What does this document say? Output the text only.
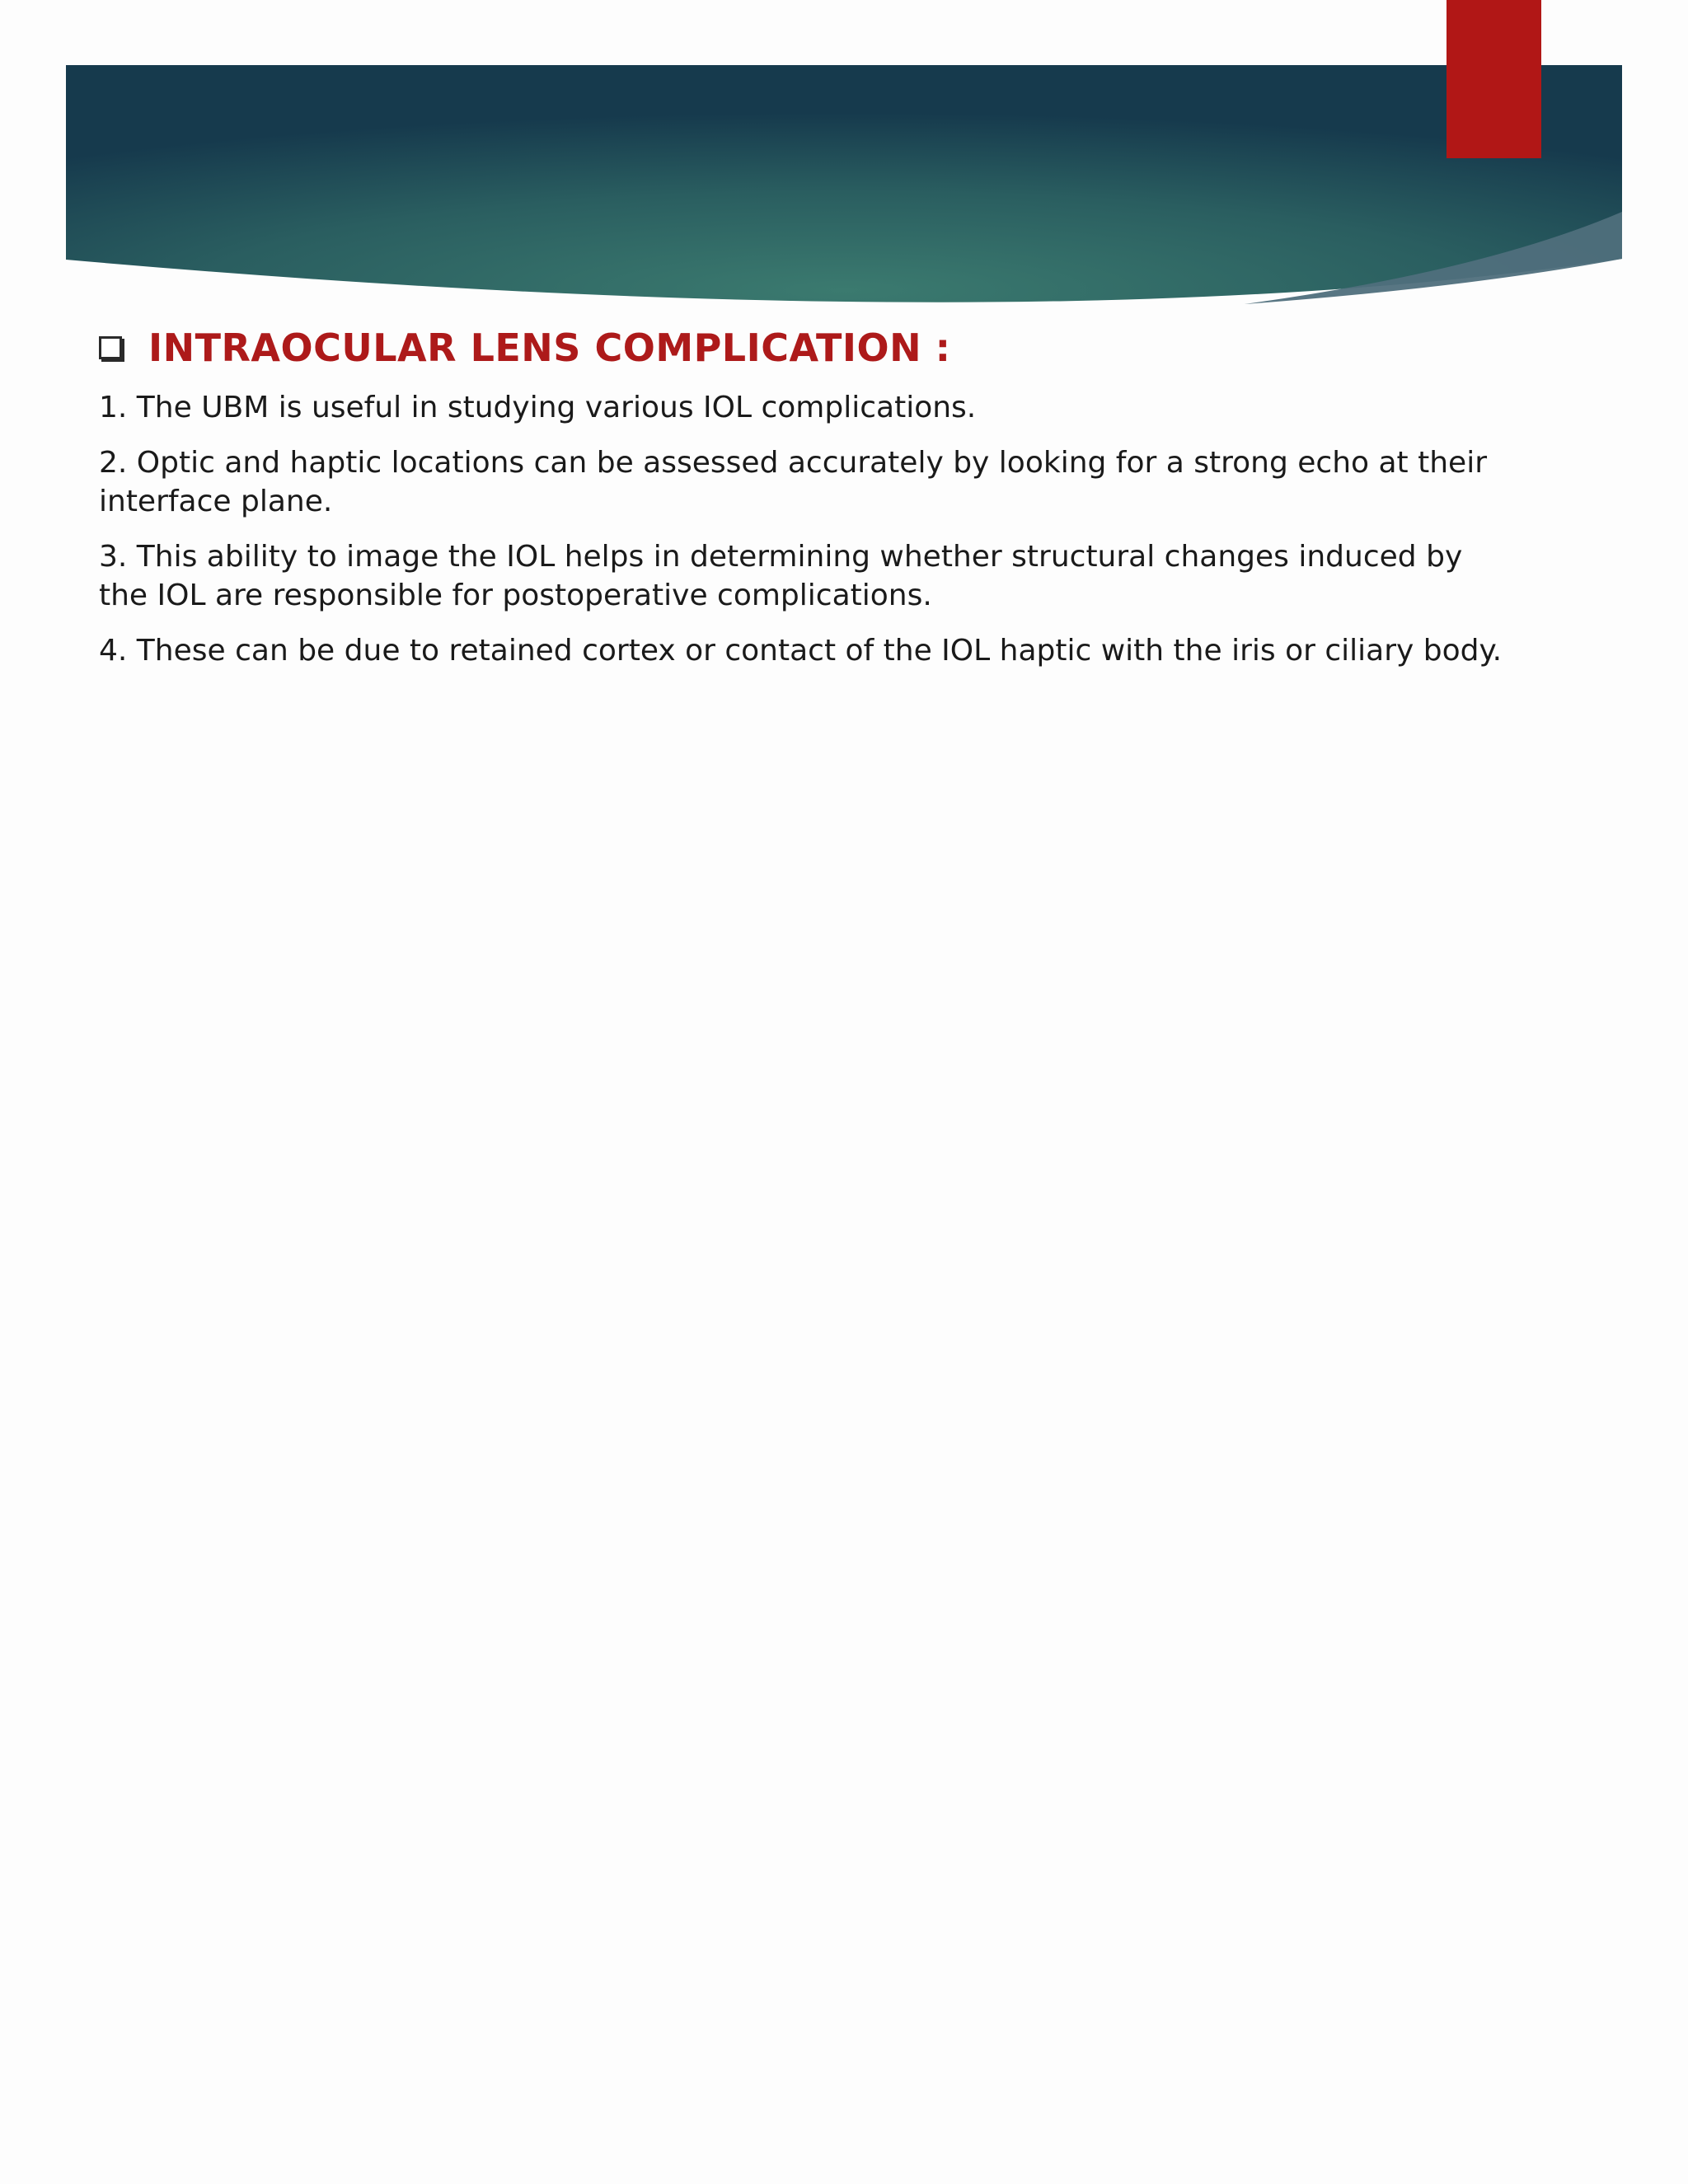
INTRAOCULAR LENS COMPLICATION :

1. The UBM is useful in studying various IOL complications.

2. Optic and haptic locations can be assessed accurately by looking for a strong echo at their interface plane.

3. This ability to image the IOL helps in determining whether structural changes induced by the IOL are responsible for postoperative complications.

4. These can be due to retained cortex or contact of the IOL haptic with the iris or ciliary body.
